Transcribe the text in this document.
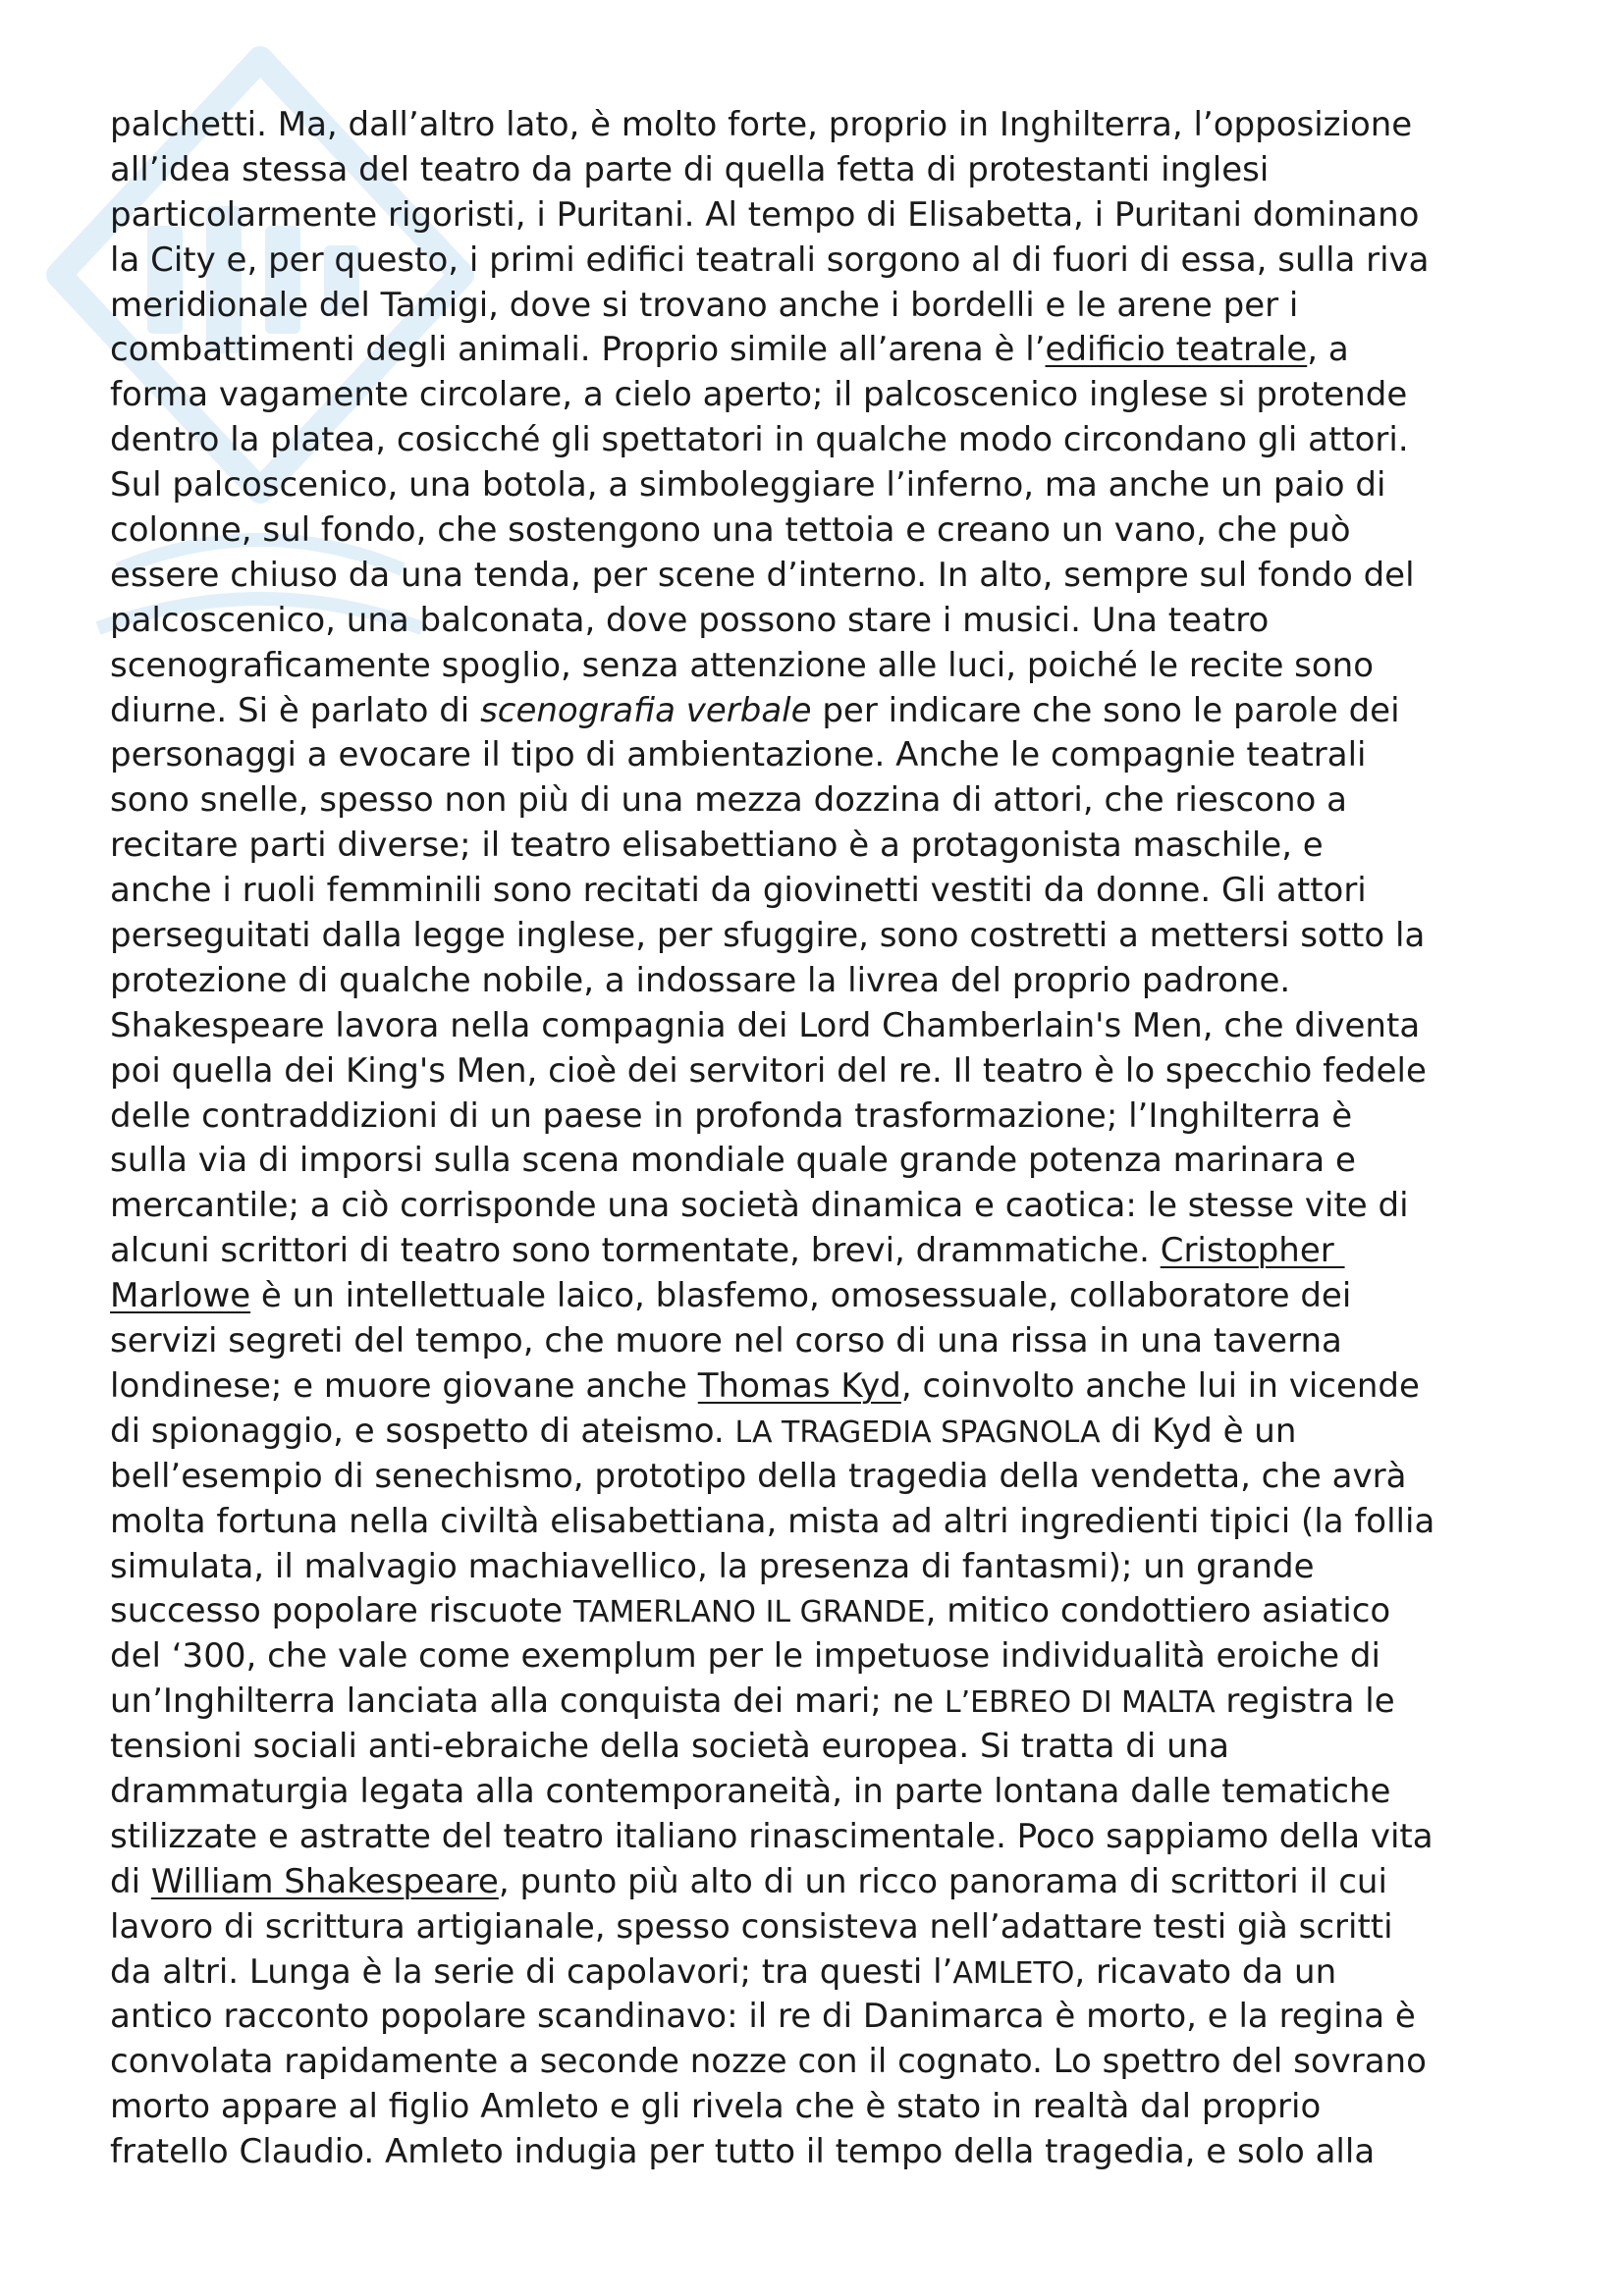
palchetti. Ma, dall’altro lato, è molto forte, proprio in Inghilterra, l’opposizione
all’idea stessa del teatro da parte di quella fetta di protestanti inglesi
particolarmente rigoristi, i Puritani. Al tempo di Elisabetta, i Puritani dominano
la City e, per questo, i primi edifici teatrali sorgono al di fuori di essa, sulla riva
meridionale del Tamigi, dove si trovano anche i bordelli e le arene per i
combattimenti degli animali. Proprio simile all’arena è l’edificio teatrale, a
forma vagamente circolare, a cielo aperto; il palcoscenico inglese si protende
dentro la platea, cosicché gli spettatori in qualche modo circondano gli attori.
Sul palcoscenico, una botola, a simboleggiare l’inferno, ma anche un paio di
colonne, sul fondo, che sostengono una tettoia e creano un vano, che può
essere chiuso da una tenda, per scene d’interno. In alto, sempre sul fondo del
palcoscenico, una balconata, dove possono stare i musici. Una teatro
scenograficamente spoglio, senza attenzione alle luci, poiché le recite sono
diurne. Si è parlato di scenografia verbale per indicare che sono le parole dei
personaggi a evocare il tipo di ambientazione. Anche le compagnie teatrali
sono snelle, spesso non più di una mezza dozzina di attori, che riescono a
recitare parti diverse; il teatro elisabettiano è a protagonista maschile, e
anche i ruoli femminili sono recitati da giovinetti vestiti da donne. Gli attori
perseguitati dalla legge inglese, per sfuggire, sono costretti a mettersi sotto la
protezione di qualche nobile, a indossare la livrea del proprio padrone.
Shakespeare lavora nella compagnia dei Lord Chamberlain's Men, che diventa
poi quella dei King's Men, cioè dei servitori del re. Il teatro è lo specchio fedele
delle contraddizioni di un paese in profonda trasformazione; l’Inghilterra è
sulla via di imporsi sulla scena mondiale quale grande potenza marinara e
mercantile; a ciò corrisponde una società dinamica e caotica: le stesse vite di
alcuni scrittori di teatro sono tormentate, brevi, drammatiche. Cristopher
Marlowe è un intellettuale laico, blasfemo, omosessuale, collaboratore dei
servizi segreti del tempo, che muore nel corso di una rissa in una taverna
londinese; e muore giovane anche Thomas Kyd, coinvolto anche lui in vicende
di spionaggio, e sospetto di ateismo. LA TRAGEDIA SPAGNOLA di Kyd è un
bell’esempio di senechismo, prototipo della tragedia della vendetta, che avrà
molta fortuna nella civiltà elisabettiana, mista ad altri ingredienti tipici (la follia
simulata, il malvagio machiavellico, la presenza di fantasmi); un grande
successo popolare riscuote TAMERLANO IL GRANDE, mitico condottiero asiatico
del ‘300, che vale come exemplum per le impetuose individualità eroiche di
un’Inghilterra lanciata alla conquista dei mari; ne L’EBREO DI MALTA registra le
tensioni sociali anti-ebraiche della società europea. Si tratta di una
drammaturgia legata alla contemporaneità, in parte lontana dalle tematiche
stilizzate e astratte del teatro italiano rinascimentale. Poco sappiamo della vita
di William Shakespeare, punto più alto di un ricco panorama di scrittori il cui
lavoro di scrittura artigianale, spesso consisteva nell’adattare testi già scritti
da altri. Lunga è la serie di capolavori; tra questi l’AMLETO, ricavato da un
antico racconto popolare scandinavo: il re di Danimarca è morto, e la regina è
convolata rapidamente a seconde nozze con il cognato. Lo spettro del sovrano
morto appare al figlio Amleto e gli rivela che è stato in realtà dal proprio
fratello Claudio. Amleto indugia per tutto il tempo della tragedia, e solo alla
